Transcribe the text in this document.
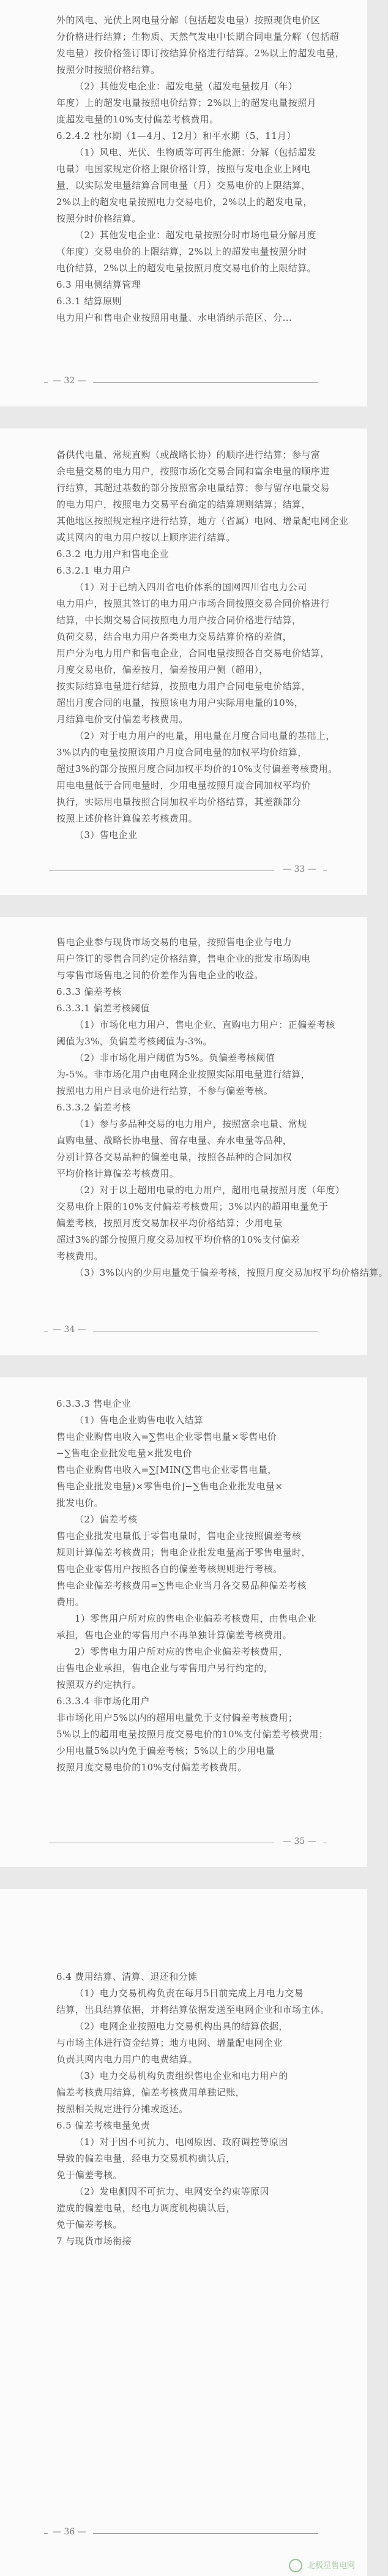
外的风电、光伏上网电量分解（包括超发电量）按照现货电价区
分价格进行结算；生物质、天然气发电中长期合同电量分解（包括超
发电量）按价格签订即订按结算价格进行结算。2%以上的超发电量，
按照分时按照价格结算。
（2）其他发电企业：超发电量（超发电量按月（年）
年度）上的超发电量按照电价结算；2%以上的超发电量按照月
度超发电量的10%支付偏差考核费用。
6.2.4.2 杜尔期（1—4月、12月）和平水期（5、11月）
（1）风电、光伏、生物质等可再生能源：分解（包括超发
电量）电国家规定价格上限价格计算，按照与发电企业上网电
量，以实际发电量结算合同电量（月）交易电价的上限结算，
2%以上的超发电量按照电力交易电价，2%以上的超发电量，
按照分时价格结算。
（2）其他发电企业：超发电量按照分时市场电量分解月度
（年度）交易电价的上限结算，2%以上的超发电量按照分时
电价结算，2%以上的超发电量按照月度交易电价的上限结算。
6.3 用电侧结算管理
6.3.1 结算原则
电力用户和售电企业按照用电量、水电消纳示范区、分...
— 32 —
备供代电量、常规直购（或战略长协）的顺序进行结算；参与富
余电量交易的电力用户，按照市场化交易合同和富余电量的顺序进
行结算，其超过基数的部分按照富余电量结算；参与留存电量交易
的电力用户，按照电力交易平台确定的结算规则结算；结算，
其他地区按照规定程序进行结算，地方（省属）电网、增量配电网企业
或其网内的电力用户按以上顺序进行结算。
6.3.2 电力用户和售电企业
6.3.2.1 电力用户
（1）对于已纳入四川省电价体系的国网四川省电力公司
电力用户，按照其签订的电力用户市场合同按照交易合同价格进行
结算，中长期交易合同按照电力用户按合同价格进行结算，
负荷交易，结合电力用户各类电力交易结算价格的差值，
用户分为电力用户和售电企业，合同电量按照各自交易电价结算，
月度交易电价，偏差按月，偏差按用户侧（超用），
按实际结算电量进行结算，按照电力用户合同电量电价结算，
超出月度合同的电量，按照该电力用户实际用电量的10%，
月结算电价支付偏差考核费用。
（2）对于电力用户的电量，用电量在月度合同电量的基础上，
3%以内的电量按照该用户月度合同电量的加权平均价结算，
超过3%的部分按照月度合同加权平均价的10%支付偏差考核费用。
用电电量低于合同电量时，少用电量按照月度合同加权平均价
执行，实际用电量按照合同加权平均价格结算，其差额部分
按照上述价格计算偏差考核费用。
（3）售电企业
— 33 —
售电企业参与现货市场交易的电量，按照售电企业与电力
用户签订的零售合同约定价格结算，售电企业的批发市场购电
与零售市场售电之间的价差作为售电企业的收益。
6.3.3 偏差考核
6.3.3.1 偏差考核阈值
（1）市场化电力用户、售电企业、直购电力用户：正偏差考核
阈值为3%，负偏差考核阈值为-3%。
（2）非市场化用户阈值为5%。负偏差考核阈值
为-5%。非市场化用户由电网企业按照实际用电量进行结算，
按照电力用户目录电价进行结算，不参与偏差考核。
6.3.3.2 偏差考核
（1）参与多品种交易的电力用户，按照富余电量、常规
直购电量、战略长协电量、留存电量、弃水电量等品种，
分别计算各交易品种的偏差电量，按照各品种的合同加权
平均价格计算偏差考核费用。
（2）对于以上超用电量的电力用户，超用电量按照月度（年度）
交易电价上限的10%支付偏差考核费用；3%以内的超用电量免于
偏差考核，按照月度交易加权平均价格结算；少用电量
超过3%的部分按照月度交易加权平均价格的10%支付偏差
考核费用。
（3）3%以内的少用电量免于偏差考核，按照月度交易加权平均价格结算。
— 34 —
6.3.3.3 售电企业
（1）售电企业购售电收入结算
售电企业购售电收入=∑售电企业零售电量×零售电价
−∑售电企业批发电量×批发电价
售电企业购售电收入=∑[MIN(∑售电企业零售电量，
售电企业批发电量)×零售电价]−∑售电企业批发电量×
批发电价。
（2）偏差考核
售电企业批发电量低于零售电量时，售电企业按照偏差考核
规则计算偏差考核费用；售电企业批发电量高于零售电量时，
售电企业零售用户按照各自的偏差考核规则进行考核。
售电企业偏差考核费用=∑售电企业当月各交易品种偏差考核
费用。
1）零售用户所对应的售电企业偏差考核费用，由售电企业
承担，售电企业的零售用户不再单独计算偏差考核费用。
2）零售电力用户所对应的售电企业偏差考核费用，
由售电企业承担，售电企业与零售用户另行约定的，
按照双方约定执行。
6.3.3.4 非市场化用户
非市场化用户5%以内的超用电量免于支付偏差考核费用；
5%以上的超用电量按照月度交易电价的10%支付偏差考核费用；
少用电量5%以内免于偏差考核；5%以上的少用电量
按照月度交易电价的10%支付偏差考核费用。
— 35 —
6.4 费用结算、清算、退还和分摊
（1）电力交易机构负责在每月5日前完成上月电力交易
结算，出具结算依据，并将结算依据发送至电网企业和市场主体。
（2）电网企业按照电力交易机构出具的结算依据，
与市场主体进行资金结算；地方电网、增量配电网企业
负责其网内电力用户的电费结算。
（3）电力交易机构负责组织售电企业和电力用户的
偏差考核费用结算，偏差考核费用单独记账，
按照相关规定进行分摊或返还。
6.5 偏差考核电量免责
（1）对于因不可抗力、电网原因、政府调控等原因
导致的偏差电量，经电力交易机构确认后，
免于偏差考核。
（2）发电侧因不可抗力、电网安全约束等原因
造成的偏差电量，经电力调度机构确认后，
免于偏差考核。
7 与现货市场衔接
— 36 —
北极星售电网
